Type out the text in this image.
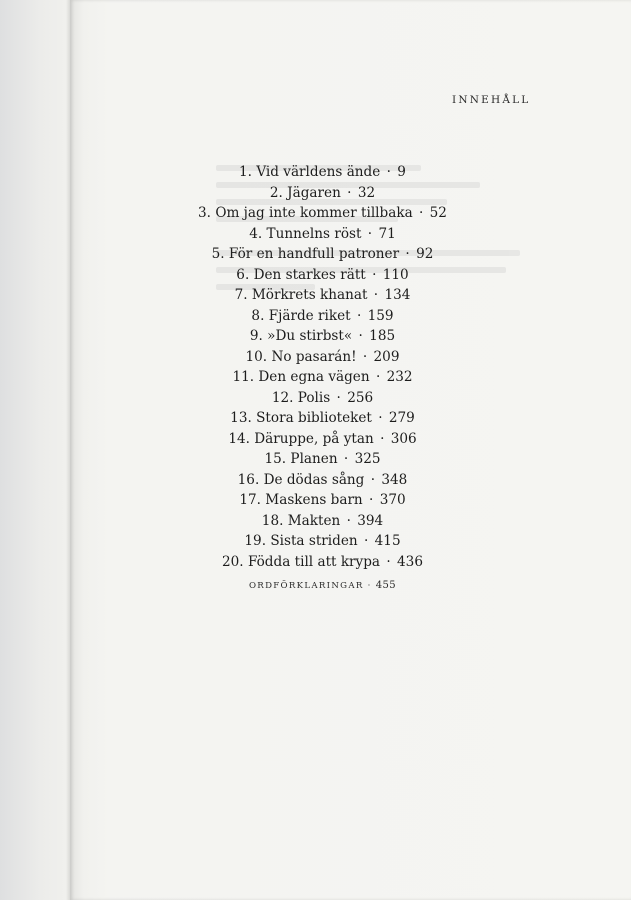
INNEHÅLL
1. Vid världens ände · 9
2. Jägaren · 32
3. Om jag inte kommer tillbaka · 52
4. Tunnelns röst · 71
5. För en handfull patroner · 92
6. Den starkes rätt · 110
7. Mörkrets khanat · 134
8. Fjärde riket · 159
9. »Du stirbst« · 185
10. No pasarán! · 209
11. Den egna vägen · 232
12. Polis · 256
13. Stora biblioteket · 279
14. Däruppe, på ytan · 306
15. Planen · 325
16. De dödas sång · 348
17. Maskens barn · 370
18. Makten · 394
19. Sista striden · 415
20. Födda till att krypa · 436
ORDFÖRKLARINGAR · 455
